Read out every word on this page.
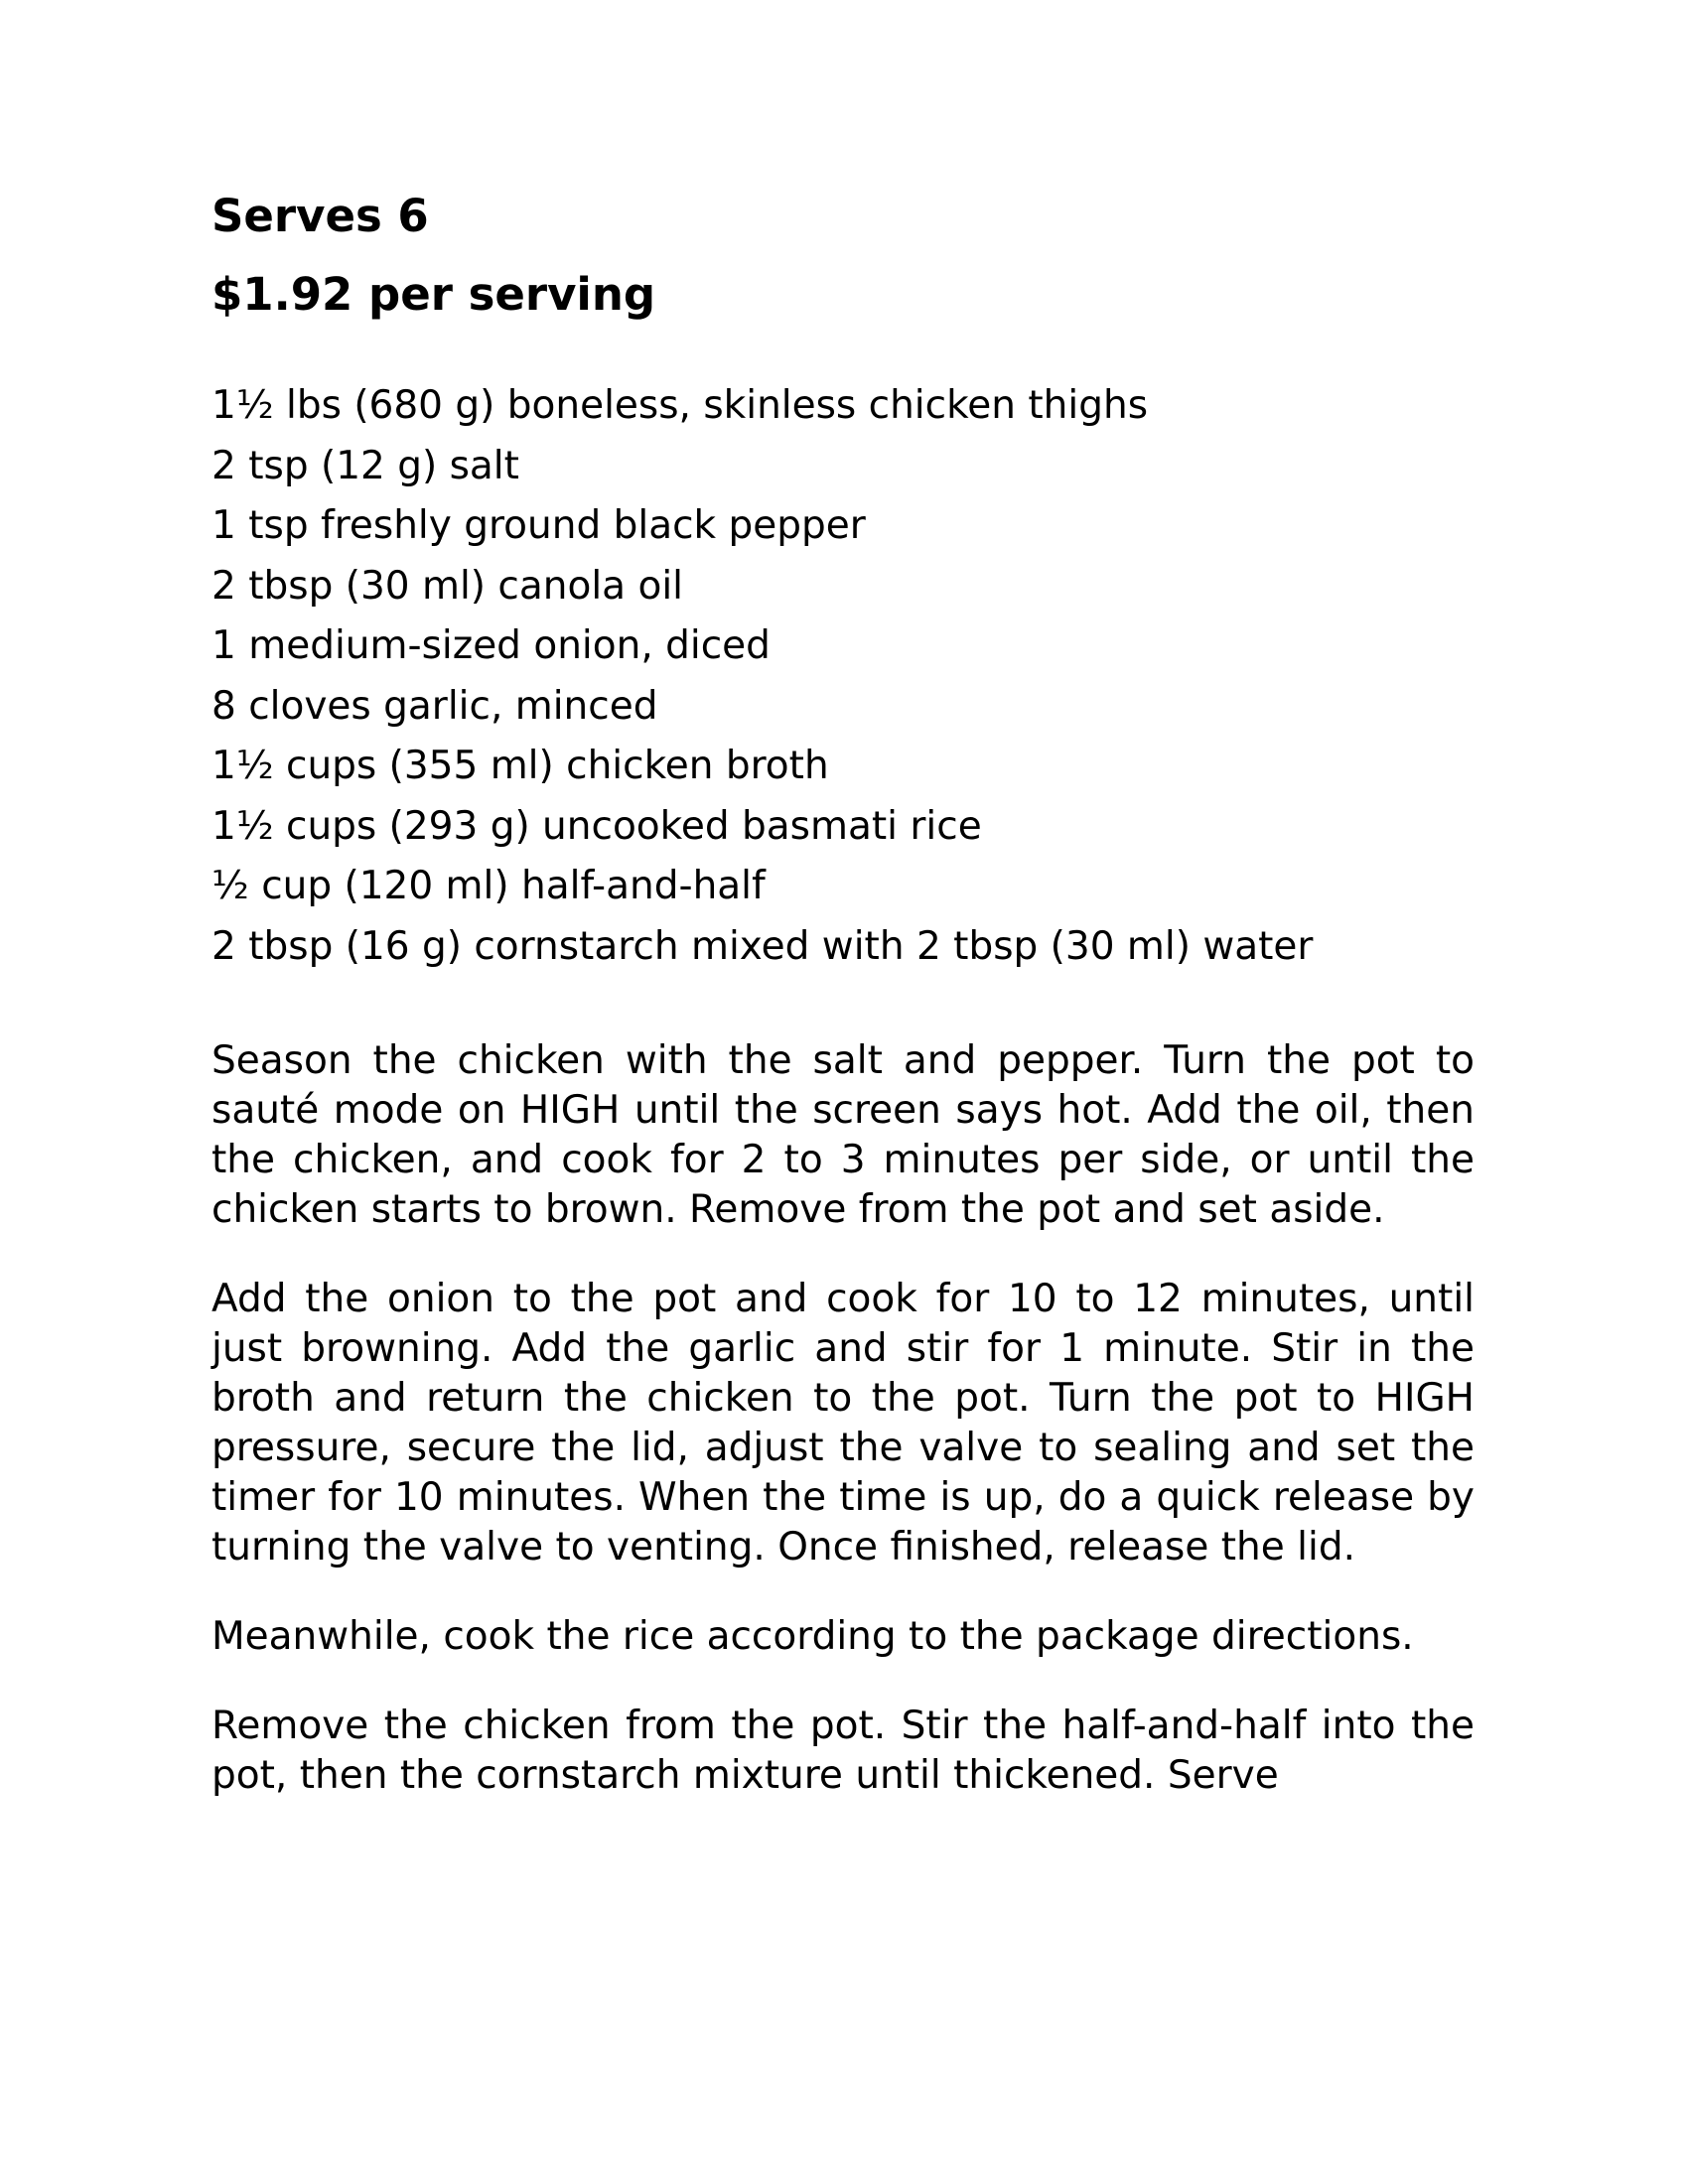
Serves 6
$1.92 per serving
1½ lbs (680 g) boneless, skinless chicken thighs
2 tsp (12 g) salt
1 tsp freshly ground black pepper
2 tbsp (30 ml) canola oil
1 medium-sized onion, diced
8 cloves garlic, minced
1½ cups (355 ml) chicken broth
1½ cups (293 g) uncooked basmati rice
½ cup (120 ml) half-and-half
2 tbsp (16 g) cornstarch mixed with 2 tbsp (30 ml) water

Season the chicken with the salt and pepper. Turn the pot to sauté mode on HIGH until the screen says hot. Add the oil, then the chicken, and cook for 2 to 3 minutes per side, or until the chicken starts to brown. Remove from the pot and set aside.

Add the onion to the pot and cook for 10 to 12 minutes, until just browning. Add the garlic and stir for 1 minute. Stir in the broth and return the chicken to the pot. Turn the pot to HIGH pressure, secure the lid, adjust the valve to sealing and set the timer for 10 minutes. When the time is up, do a quick release by turning the valve to venting. Once finished, release the lid.

Meanwhile, cook the rice according to the package directions.

Remove the chicken from the pot. Stir the half-and-half into the pot, then the cornstarch mixture until thickened. Serve
